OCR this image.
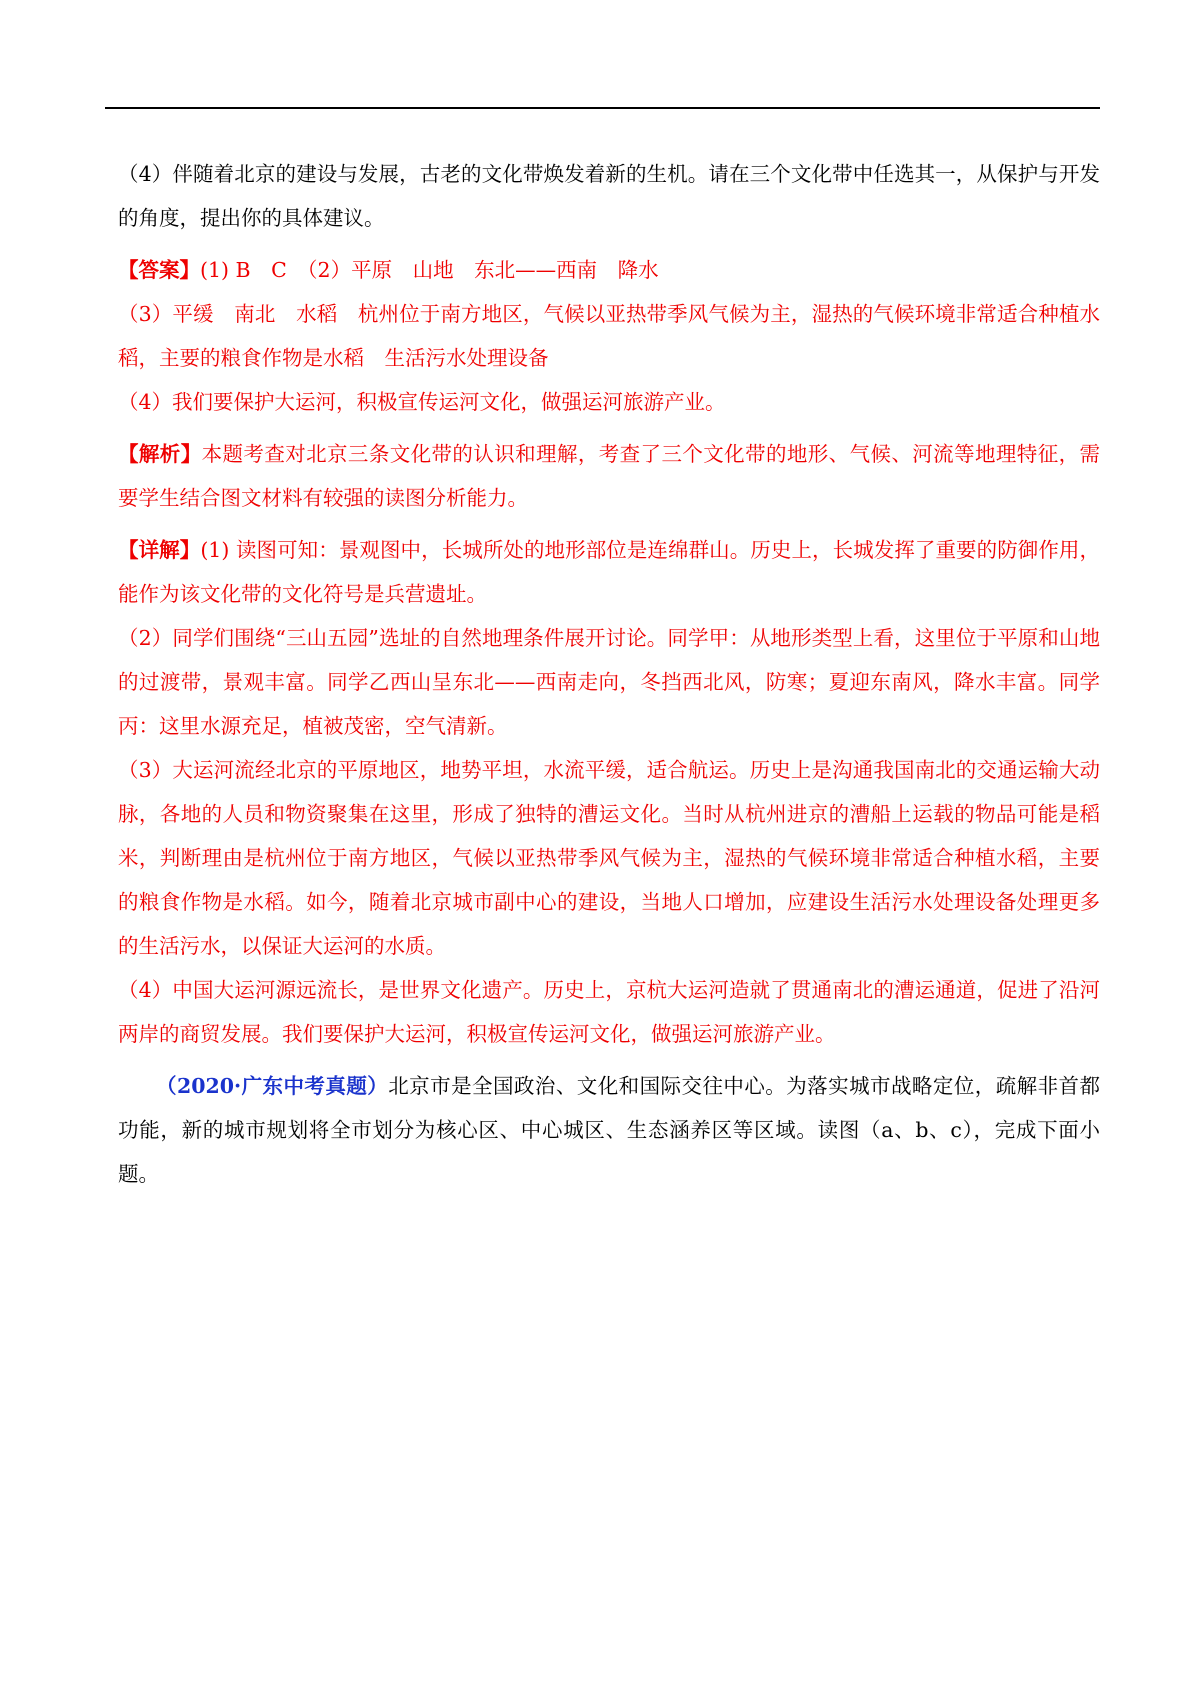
（4）伴随着北京的建设与发展，古老的文化带焕发着新的生机。请在三个文化带中任选其一，从保护与开发的角度，提出你的具体建议。

【答案】(1) B　C　（2）平原　山地　东北——西南　降水

（3）平缓　南北　水稻　杭州位于南方地区，气候以亚热带季风气候为主，湿热的气候环境非常适合种植水稻，主要的粮食作物是水稻　生活污水处理设备

（4）我们要保护大运河，积极宣传运河文化，做强运河旅游产业。

【解析】本题考查对北京三条文化带的认识和理解，考查了三个文化带的地形、气候、河流等地理特征，需要学生结合图文材料有较强的读图分析能力。

【详解】(1) 读图可知：景观图中，长城所处的地形部位是连绵群山。历史上，长城发挥了重要的防御作用，能作为该文化带的文化符号是兵营遗址。

（2）同学们围绕“三山五园”选址的自然地理条件展开讨论。同学甲：从地形类型上看，这里位于平原和山地的过渡带，景观丰富。同学乙西山呈东北——西南走向，冬挡西北风，防寒；夏迎东南风，降水丰富。同学丙：这里水源充足，植被茂密，空气清新。

（3）大运河流经北京的平原地区，地势平坦，水流平缓，适合航运。历史上是沟通我国南北的交通运输大动脉，各地的人员和物资聚集在这里，形成了独特的漕运文化。当时从杭州进京的漕船上运载的物品可能是稻米，判断理由是杭州位于南方地区，气候以亚热带季风气候为主，湿热的气候环境非常适合种植水稻，主要的粮食作物是水稻。如今，随着北京城市副中心的建设，当地人口增加，应建设生活污水处理设备处理更多的生活污水，以保证大运河的水质。

（4）中国大运河源远流长，是世界文化遗产。历史上，京杭大运河造就了贯通南北的漕运通道，促进了沿河两岸的商贸发展。我们要保护大运河，积极宣传运河文化，做强运河旅游产业。

（2020·广东中考真题）北京市是全国政治、文化和国际交往中心。为落实城市战略定位，疏解非首都功能，新的城市规划将全市划分为核心区、中心城区、生态涵养区等区域。读图（a、b、c），完成下面小题。
